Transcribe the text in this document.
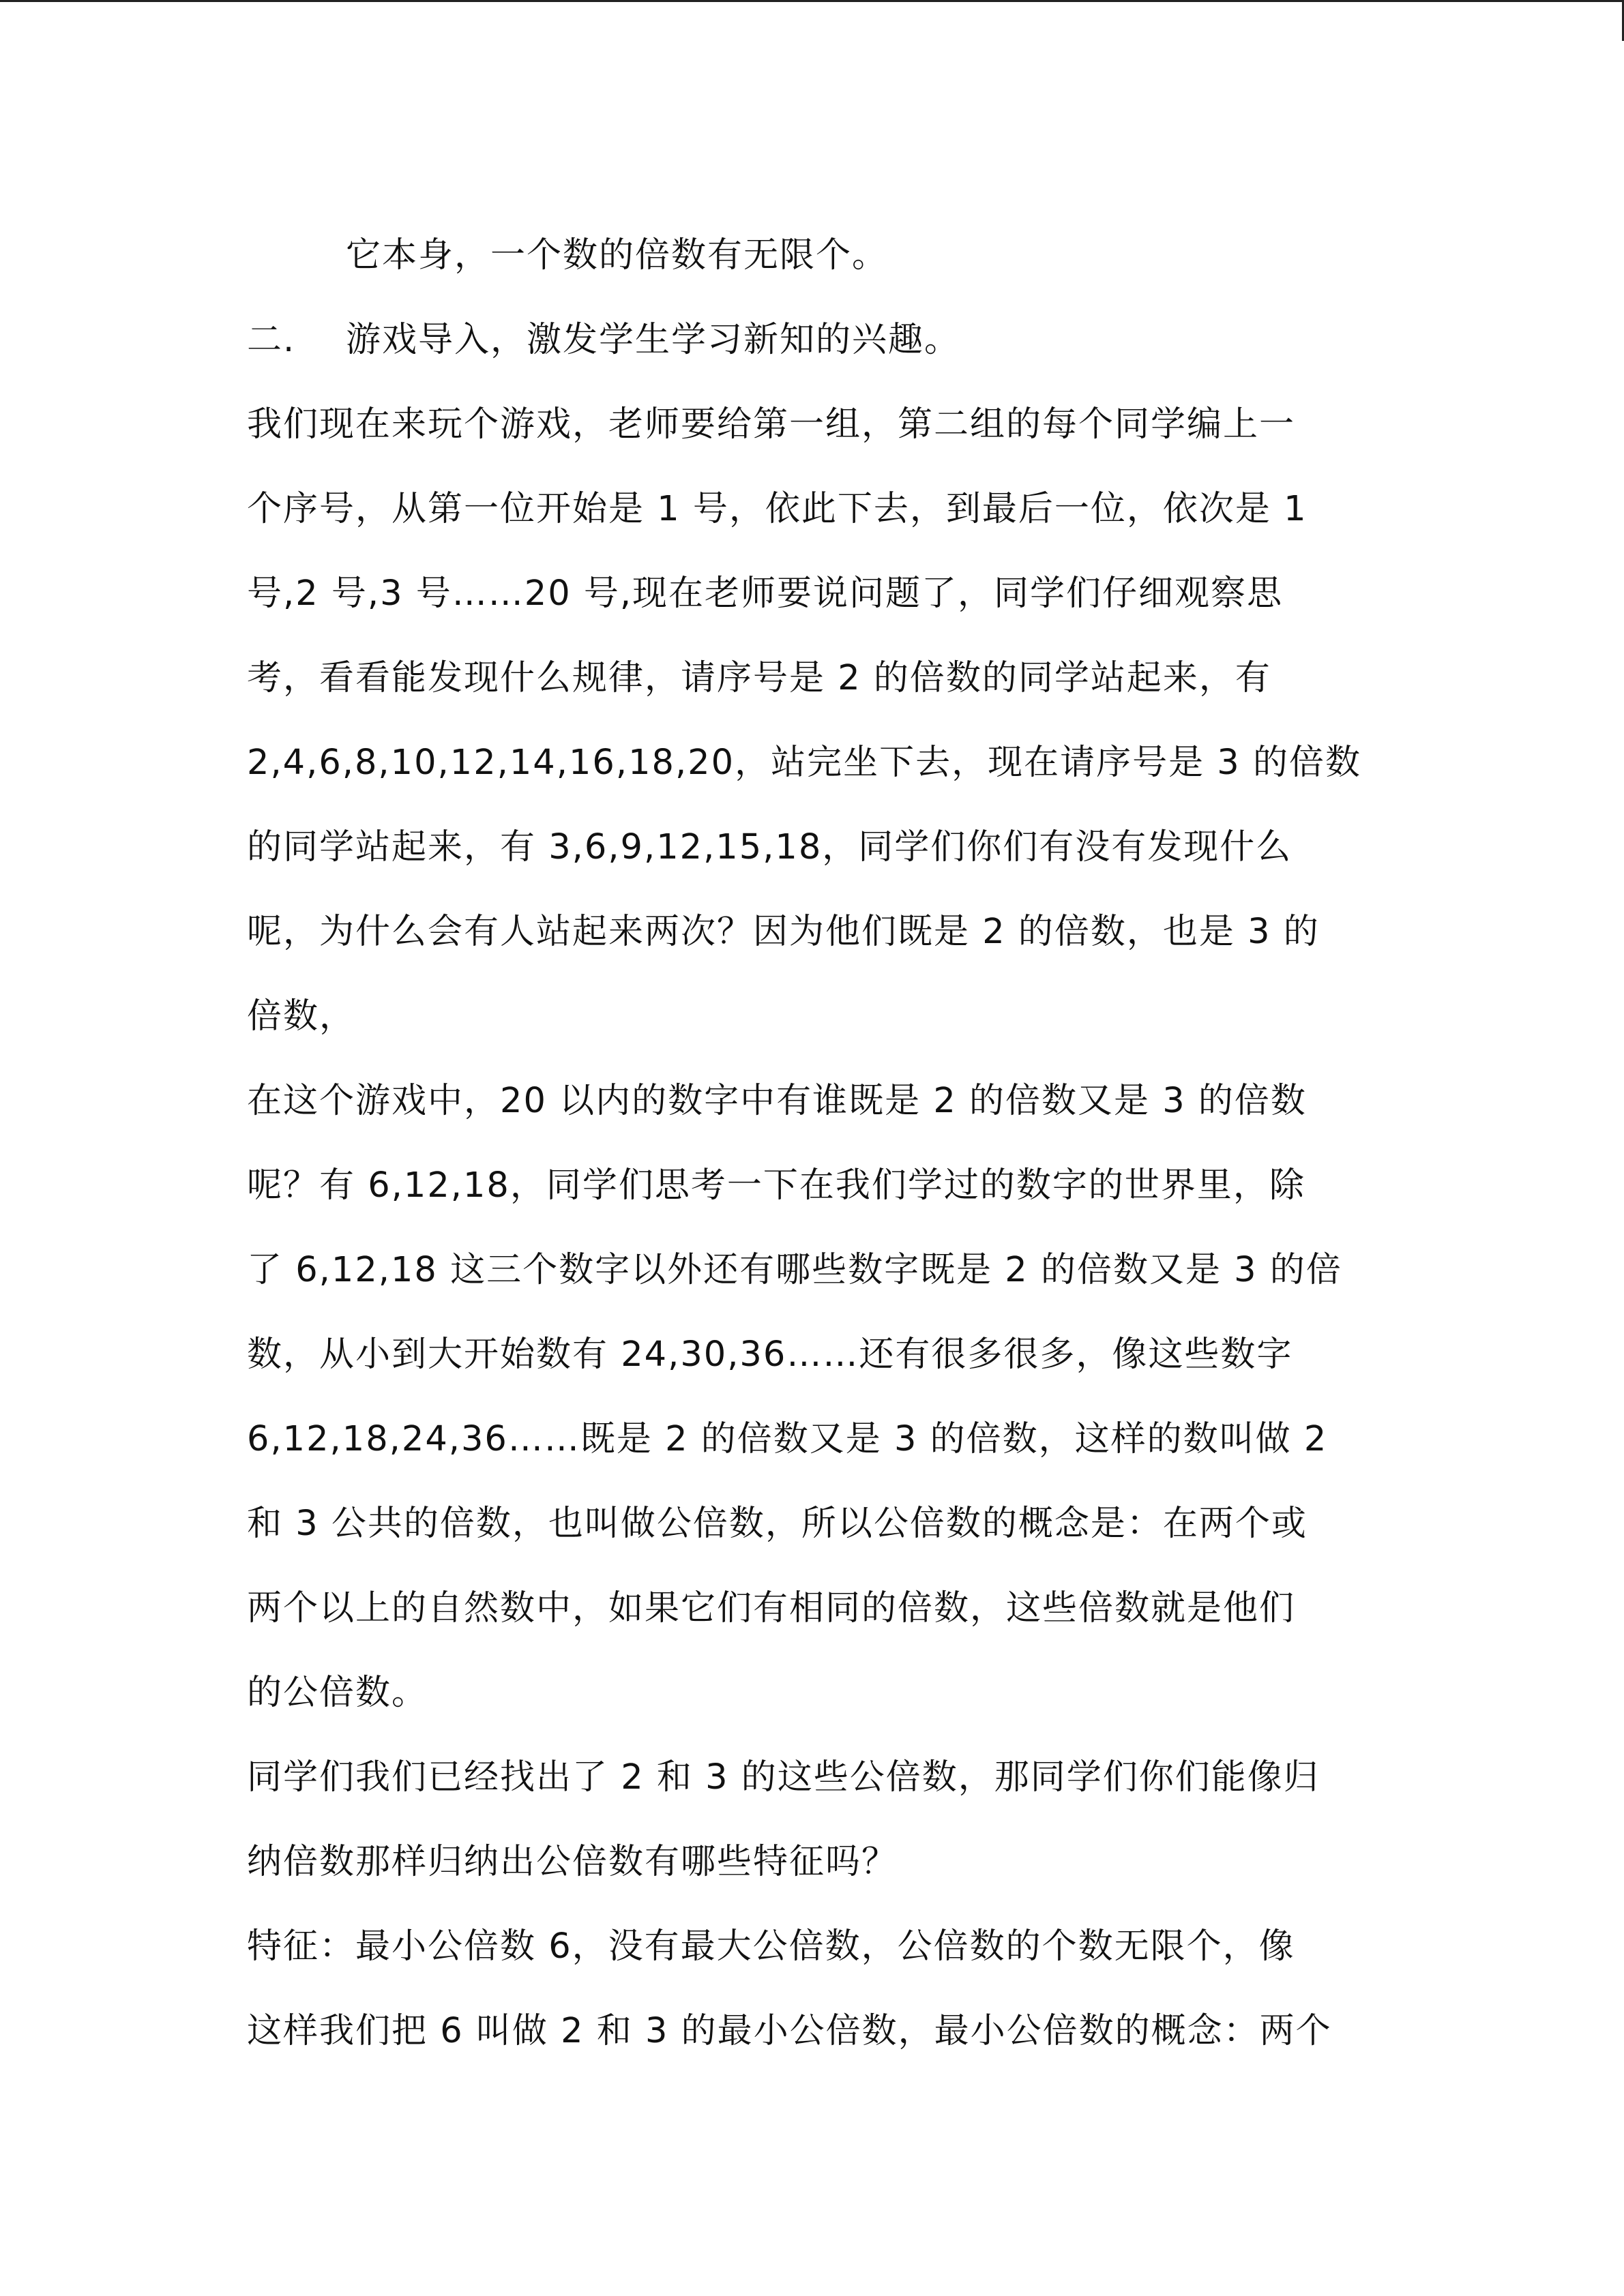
它本身，一个数的倍数有无限个。
二. 游戏导入，激发学生学习新知的兴趣。
我们现在来玩个游戏，老师要给第一组，第二组的每个同学编上一
个序号，从第一位开始是 1 号，依此下去，到最后一位，依次是 1
号,2 号,3 号……20 号,现在老师要说问题了，同学们仔细观察思
考，看看能发现什么规律，请序号是 2 的倍数的同学站起来，有
2,4,6,8,10,12,14,16,18,20，站完坐下去，现在请序号是 3 的倍数
的同学站起来，有 3,6,9,12,15,18，同学们你们有没有发现什么
呢，为什么会有人站起来两次？因为他们既是 2 的倍数，也是 3 的
倍数，
在这个游戏中，20 以内的数字中有谁既是 2 的倍数又是 3 的倍数
呢？有 6,12,18，同学们思考一下在我们学过的数字的世界里，除
了 6,12,18 这三个数字以外还有哪些数字既是 2 的倍数又是 3 的倍
数，从小到大开始数有 24,30,36……还有很多很多，像这些数字
6,12,18,24,36……既是 2 的倍数又是 3 的倍数，这样的数叫做 2
和 3 公共的倍数，也叫做公倍数，所以公倍数的概念是：在两个或
两个以上的自然数中，如果它们有相同的倍数，这些倍数就是他们
的公倍数。
同学们我们已经找出了 2 和 3 的这些公倍数，那同学们你们能像归
纳倍数那样归纳出公倍数有哪些特征吗？
特征：最小公倍数 6，没有最大公倍数，公倍数的个数无限个，像
这样我们把 6 叫做 2 和 3 的最小公倍数，最小公倍数的概念：两个
